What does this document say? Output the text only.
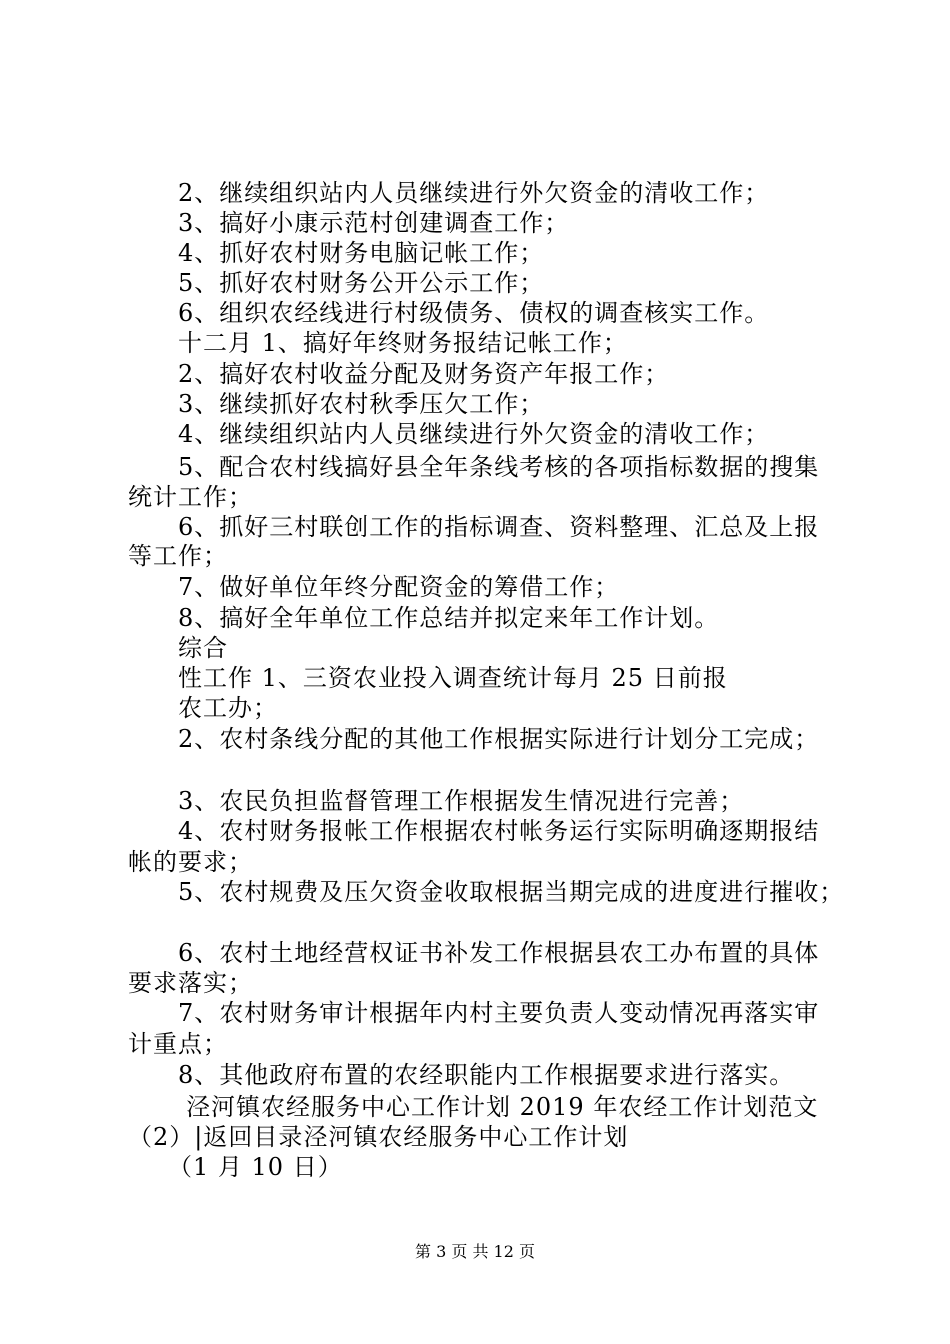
2、继续组织站内人员继续进行外欠资金的清收工作；
3、搞好小康示范村创建调查工作；
4、抓好农村财务电脑记帐工作；
5、抓好农村财务公开公示工作；
6、组织农经线进行村级债务、债权的调查核实工作。
十二月 1、搞好年终财务报结记帐工作；
2、搞好农村收益分配及财务资产年报工作；
3、继续抓好农村秋季压欠工作；
4、继续组织站内人员继续进行外欠资金的清收工作；
5、配合农村线搞好县全年条线考核的各项指标数据的搜集
统计工作；
6、抓好三村联创工作的指标调查、资料整理、汇总及上报
等工作；
7、做好单位年终分配资金的筹借工作；
8、搞好全年单位工作总结并拟定来年工作计划。
综合
性工作 1、三资农业投入调查统计每月 25 日前报
农工办；
2、农村条线分配的其他工作根据实际进行计划分工完成；
3、农民负担监督管理工作根据发生情况进行完善；
4、农村财务报帐工作根据农村帐务运行实际明确逐期报结
帐的要求；
5、农村规费及压欠资金收取根据当期完成的进度进行摧收；
6、农村土地经营权证书补发工作根据县农工办布置的具体
要求落实；
7、农村财务审计根据年内村主要负责人变动情况再落实审
计重点；
8、其他政府布置的农经职能内工作根据要求进行落实。
泾河镇农经服务中心工作计划 2019 年农经工作计划范文
（2）|返回目录泾河镇农经服务中心工作计划
（1 月 10 日）
第 3 页 共 12 页
